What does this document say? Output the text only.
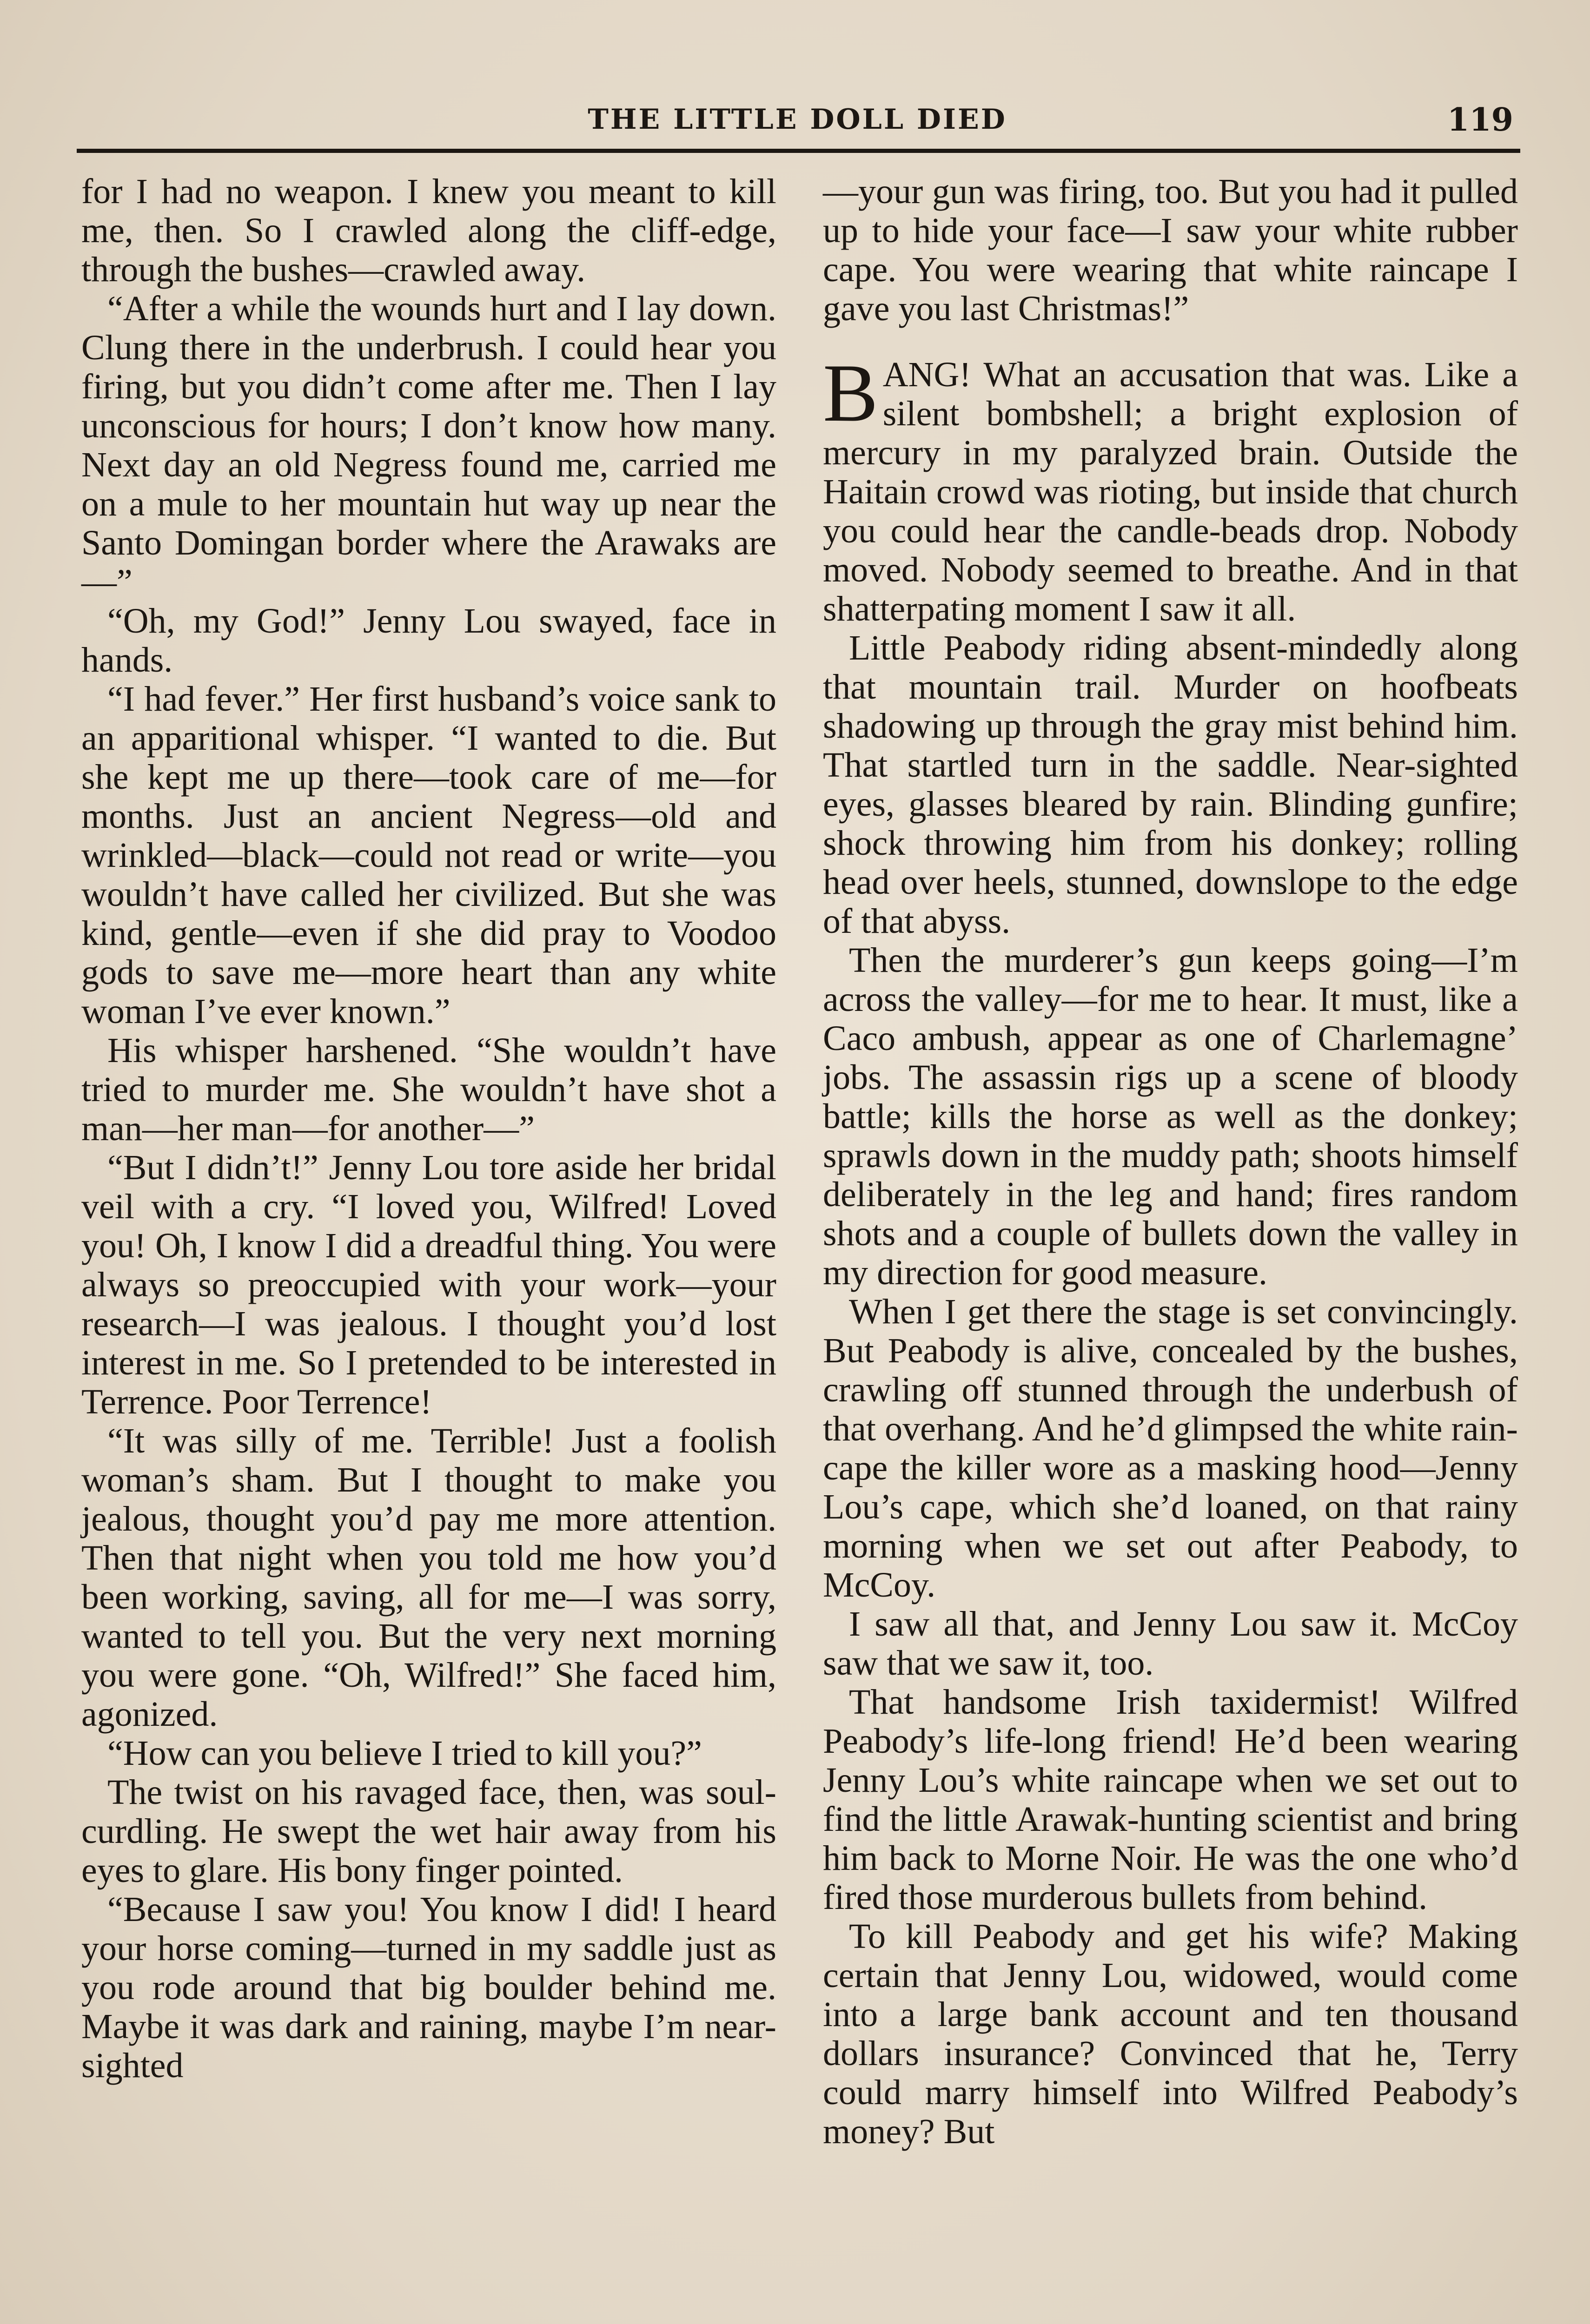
THE LITTLE DOLL DIED	119

for I had no weapon. I knew you meant to kill me, then. So I crawled along the cliff-edge, through the bushes—crawled away.

“After a while the wounds hurt and I lay down. Clung there in the underbrush. I could hear you firing, but you didn’t come after me. Then I lay unconscious for hours; I don’t know how many. Next day an old Negress found me, carried me on a mule to her mountain hut way up near the Santo Domingan border where the Arawaks are—”

“Oh, my God!” Jenny Lou swayed, face in hands.

“I had fever.” Her first husband’s voice sank to an apparitional whisper. “I wanted to die. But she kept me up there—took care of me—for months. Just an ancient Negress—old and wrinkled—black—could not read or write—you wouldn’t have called her civilized. But she was kind, gentle—even if she did pray to Voodoo gods to save me—more heart than any white woman I’ve ever known.”

His whisper harshened. “She wouldn’t have tried to murder me. She wouldn’t have shot a man—her man—for another—”

“But I didn’t!” Jenny Lou tore aside her bridal veil with a cry. “I loved you, Wilfred! Loved you! Oh, I know I did a dreadful thing. You were always so preoccupied with your work—your research—I was jealous. I thought you’d lost interest in me. So I pretended to be interested in Terrence. Poor Terrence!

“It was silly of me. Terrible! Just a foolish woman’s sham. But I thought to make you jealous, thought you’d pay me more attention. Then that night when you told me how you’d been working, saving, all for me—I was sorry, wanted to tell you. But the very next morning you were gone. “Oh, Wilfred!” She faced him, agonized.

“How can you believe I tried to kill you?”

The twist on his ravaged face, then, was soul-curdling. He swept the wet hair away from his eyes to glare. His bony finger pointed.

“Because I saw you! You know I did! I heard your horse coming—turned in my saddle just as you rode around that big boulder behind me. Maybe it was dark and raining, maybe I’m near-sighted

—your gun was firing, too. But you had it pulled up to hide your face—I saw your white rubber cape. You were wearing that white raincape I gave you last Christmas!”

BANG! What an accusation that was. Like a silent bombshell; a bright explosion of mercury in my paralyzed brain. Outside the Haitain crowd was rioting, but inside that church you could hear the candle-beads drop. Nobody moved. Nobody seemed to breathe. And in that shatterpating moment I saw it all.

Little Peabody riding absent-mindedly along that mountain trail. Murder on hoofbeats shadowing up through the gray mist behind him. That startled turn in the saddle. Near-sighted eyes, glasses bleared by rain. Blinding gunfire; shock throwing him from his donkey; rolling head over heels, stunned, downslope to the edge of that abyss.

Then the murderer’s gun keeps going—I’m across the valley—for me to hear. It must, like a Caco ambush, appear as one of Charlemagne’ jobs. The assassin rigs up a scene of bloody battle; kills the horse as well as the donkey; sprawls down in the muddy path; shoots himself deliberately in the leg and hand; fires random shots and a couple of bullets down the valley in my direction for good measure.

When I get there the stage is set convincingly. But Peabody is alive, concealed by the bushes, crawling off stunned through the underbush of that overhang. And he’d glimpsed the white rain-cape the killer wore as a masking hood—Jenny Lou’s cape, which she’d loaned, on that rainy morning when we set out after Peabody, to McCoy.

I saw all that, and Jenny Lou saw it. McCoy saw that we saw it, too.

That handsome Irish taxidermist! Wilfred Peabody’s life-long friend! He’d been wearing Jenny Lou’s white raincape when we set out to find the little Arawak-hunting scientist and bring him back to Morne Noir. He was the one who’d fired those murderous bullets from behind.

To kill Peabody and get his wife? Making certain that Jenny Lou, widowed, would come into a large bank account and ten thousand dollars insurance? Convinced that he, Terry could marry himself into Wilfred Peabody’s money? But
